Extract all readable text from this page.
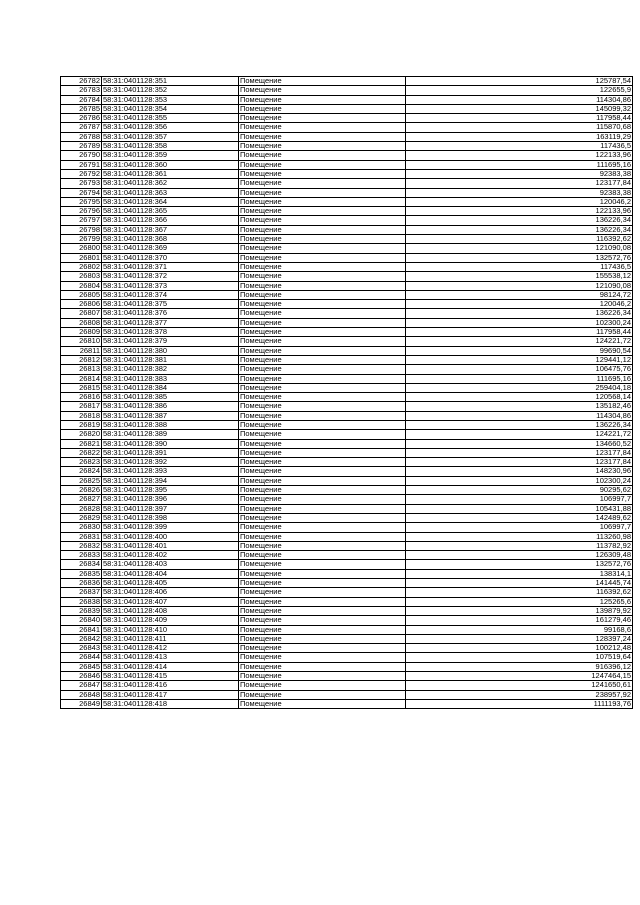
26782	58:31:0401128:351	Помещение	125787,54
26783	58:31:0401128:352	Помещение	122655,9
26784	58:31:0401128:353	Помещение	114304,86
26785	58:31:0401128:354	Помещение	145099,32
26786	58:31:0401128:355	Помещение	117958,44
26787	58:31:0401128:356	Помещение	115870,68
26788	58:31:0401128:357	Помещение	163119,29
26789	58:31:0401128:358	Помещение	117436,5
26790	58:31:0401128:359	Помещение	122133,96
26791	58:31:0401128:360	Помещение	111695,16
26792	58:31:0401128:361	Помещение	92383,38
26793	58:31:0401128:362	Помещение	123177,84
26794	58:31:0401128:363	Помещение	92383,38
26795	58:31:0401128:364	Помещение	120046,2
26796	58:31:0401128:365	Помещение	122133,96
26797	58:31:0401128:366	Помещение	136226,34
26798	58:31:0401128:367	Помещение	136226,34
26799	58:31:0401128:368	Помещение	116392,62
26800	58:31:0401128:369	Помещение	121090,08
26801	58:31:0401128:370	Помещение	132572,76
26802	58:31:0401128:371	Помещение	117436,5
26803	58:31:0401128:372	Помещение	155538,12
26804	58:31:0401128:373	Помещение	121090,08
26805	58:31:0401128:374	Помещение	98124,72
26806	58:31:0401128:375	Помещение	120046,2
26807	58:31:0401128:376	Помещение	136226,34
26808	58:31:0401128:377	Помещение	102300,24
26809	58:31:0401128:378	Помещение	117958,44
26810	58:31:0401128:379	Помещение	124221,72
26811	58:31:0401128:380	Помещение	99690,54
26812	58:31:0401128:381	Помещение	129441,12
26813	58:31:0401128:382	Помещение	106475,76
26814	58:31:0401128:383	Помещение	111695,16
26815	58:31:0401128:384	Помещение	259404,18
26816	58:31:0401128:385	Помещение	120568,14
26817	58:31:0401128:386	Помещение	135182,46
26818	58:31:0401128:387	Помещение	114304,86
26819	58:31:0401128:388	Помещение	136226,34
26820	58:31:0401128:389	Помещение	124221,72
26821	58:31:0401128:390	Помещение	134660,52
26822	58:31:0401128:391	Помещение	123177,84
26823	58:31:0401128:392	Помещение	123177,84
26824	58:31:0401128:393	Помещение	148230,96
26825	58:31:0401128:394	Помещение	102300,24
26826	58:31:0401128:395	Помещение	90295,62
26827	58:31:0401128:396	Помещение	106997,7
26828	58:31:0401128:397	Помещение	105431,88
26829	58:31:0401128:398	Помещение	142489,62
26830	58:31:0401128:399	Помещение	106997,7
26831	58:31:0401128:400	Помещение	113260,98
26832	58:31:0401128:401	Помещение	113782,92
26833	58:31:0401128:402	Помещение	126309,48
26834	58:31:0401128:403	Помещение	132572,76
26835	58:31:0401128:404	Помещение	138314,1
26836	58:31:0401128:405	Помещение	141445,74
26837	58:31:0401128:406	Помещение	116392,62
26838	58:31:0401128:407	Помещение	125265,6
26839	58:31:0401128:408	Помещение	139879,92
26840	58:31:0401128:409	Помещение	161279,46
26841	58:31:0401128:410	Помещение	99168,6
26842	58:31:0401128:411	Помещение	128397,24
26843	58:31:0401128:412	Помещение	100212,48
26844	58:31:0401128:413	Помещение	107519,64
26845	58:31:0401128:414	Помещение	916396,12
26846	58:31:0401128:415	Помещение	1247464,15
26847	58:31:0401128:416	Помещение	1241650,61
26848	58:31:0401128:417	Помещение	238957,92
26849	58:31:0401128:418	Помещение	1111193,76
